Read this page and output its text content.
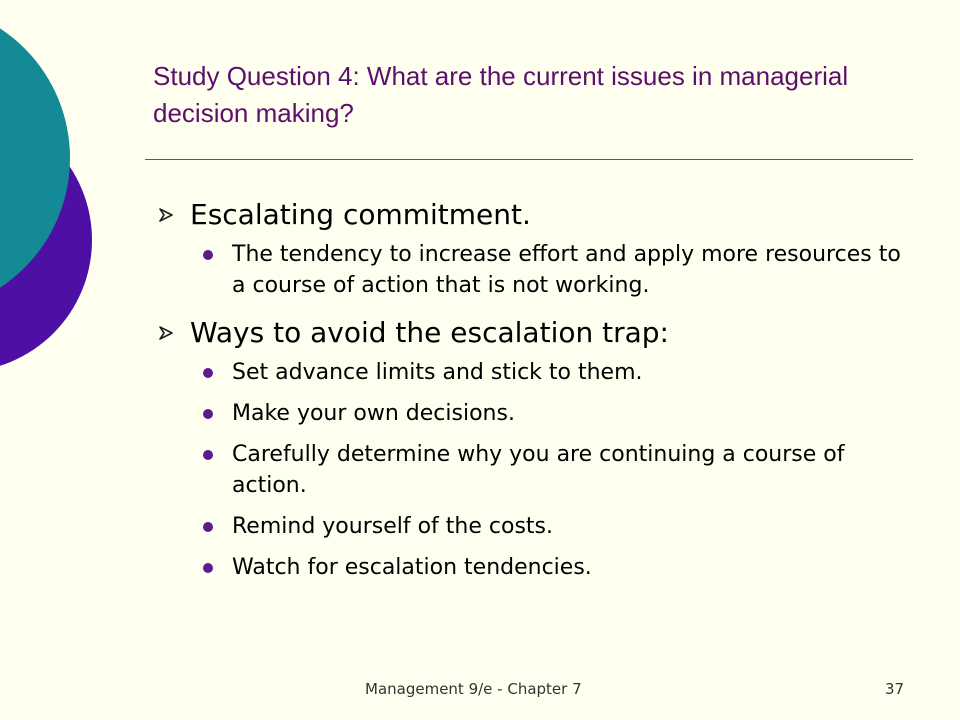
Study Question 4: What are the current issues in managerial decision making?
Escalating commitment.
The tendency to increase effort and apply more resources to a course of action that is not working.
Ways to avoid the escalation trap:
Set advance limits and stick to them.
Make your own decisions.
Carefully determine why you are continuing a course of action.
Remind yourself of the costs.
Watch for escalation tendencies.
Management 9/e - Chapter 7	37
